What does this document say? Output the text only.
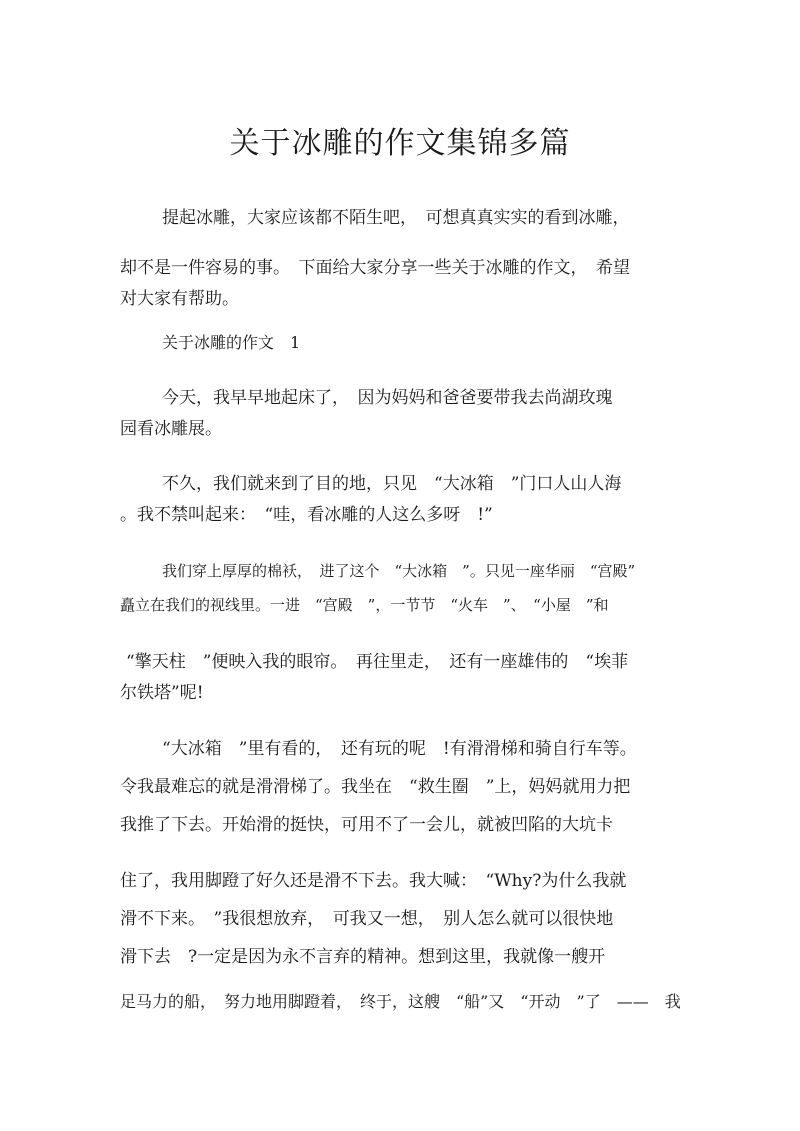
关于冰雕的作文集锦多篇
提起冰雕，大家应该都不陌生吧，　可想真真实实的看到冰雕，
却不是一件容易的事。　下面给大家分享一些关于冰雕的作文，　希望
对大家有帮助。
关于冰雕的作文　1
今天，我早早地起床了，　因为妈妈和爸爸要带我去尚湖玫瑰
园看冰雕展。
不久，我们就来到了目的地，只见　“大冰箱　”门口人山人海
。我不禁叫起来：　“哇，看冰雕的人这么多呀　!”
我们穿上厚厚的棉袄，　进了这个　“大冰箱　”。只见一座华丽　“宫殿”
矗立在我们的视线里。一进　“宫殿　”，一节节　“火车　”、　“小屋　”和
“擎天柱　”便映入我的眼帘。　再往里走，　还有一座雄伟的　“埃菲
尔铁塔”呢!
“大冰箱　”里有看的，　还有玩的呢　!有滑滑梯和骑自行车等。
令我最难忘的就是滑滑梯了。我坐在　“救生圈　”上，妈妈就用力把
我推了下去。开始滑的挺快，可用不了一会儿，就被凹陷的大坑卡
住了，我用脚蹬了好久还是滑不下去。我大喊：　“Why?为什么我就
滑不下来。　”我很想放弃，　可我又一想，　别人怎么就可以很快地
滑下去　?一定是因为永不言弃的精神。想到这里，我就像一艘开
足马力的船，　努力地用脚蹬着，　终于，这艘　“船”又　“开动　”了　——　我
